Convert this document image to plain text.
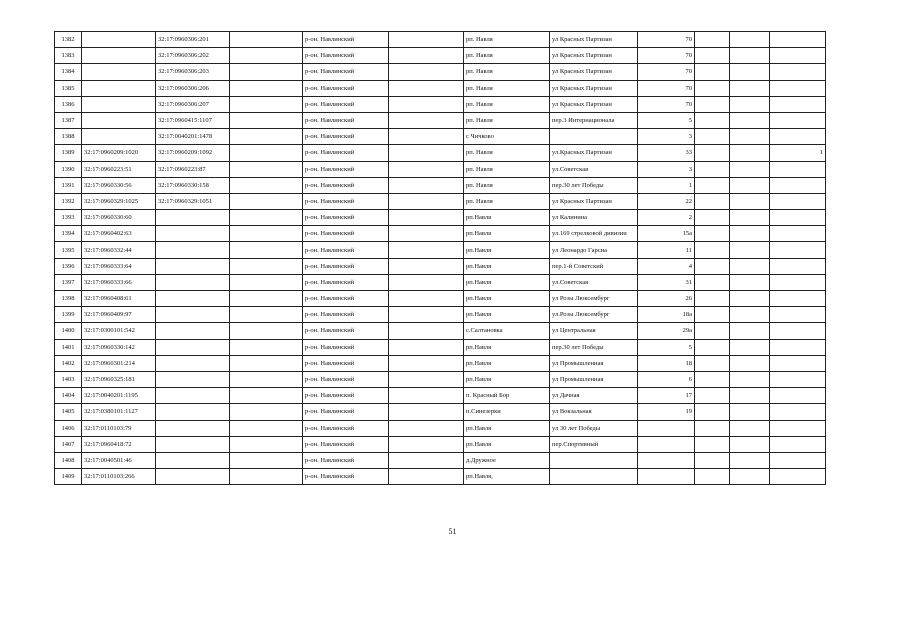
1382		32:17:0960306:201		р-он. Навлинский		рп. Навля	ул Красных Партизан	70			
1383		32:17:0960306:202		р-он. Навлинский		рп. Навля	ул Красных Партизан	70			
1384		32:17:0960306:203		р-он. Навлинский		рп. Навля	ул Красных Партизан	70			
1385		32:17:0960306:206		р-он. Навлинский		рп. Навля	ул Красных Партизан	70			
1386		32:17:0960306:207		р-он. Навлинский		рп. Навля	ул Красных Партизан	70			
1387		32:17:0960415:1107		р-он. Навлинский		рп. Навля	пер.3 Интернационала	5			
1388		32:17:0040201:1478		р-он. Навлинский		с Чичково		3			
1389	32:17:0960209:1020	32:17:0960209:1092		р-он. Навлинский		рп. Навля	ул.Красных Партизан	33			1
1390	32:17:0960223:51	32:17:0960223:87		р-он. Навлинский		рп. Навля	ул.Советская	3			
1391	32:17:0960330:56	32:17:0960330:158		р-он. Навлинский		рп. Навля	пер.30 лет Победы	1			
1392	32:17:0960329:1025	32:17:0960329:1051		р-он. Навлинский		рп. Навля	ул Красных Партизан	22			
1393	32:17:0960330:60			р-он. Навлинский		рп.Навля	ул Калинина	2			
1394	32:17:0960402:63			р-он. Навлинский		рп.Навля	ул.169 стрелковой дивизии	15а			
1395	32:17:0960332:44			р-он. Навлинский		рп.Навля	ул Леонардо Гарсиа	11			
1396	32:17:0960333:64			р-он. Навлинский		рп.Навля	пер.1-й Советский	4			
1397	32:17:0960333:66			р-он. Навлинский		рп.Навля	ул.Советская	31			
1398	32:17:0960408:61			р-он. Навлинский		рп.Навля	ул Розы Люксембург	26			
1399	32:17:0960409:97			р-он. Навлинский		рп.Навля	ул.Розы Люксембург	18а			
1400	32:17:0300101:542			р-он. Навлинский		с.Салтановка	ул Центральная	29а			
1401	32:17:0960330:142			р-он. Навлинский		рп.Навля	пер.30 лет Победы	5			
1402	32:17:0960301:214			р-он. Навлинский		рп.Навля	ул Промышленная	18			
1403	32:17:0960325:181			р-он. Навлинский		рп.Навля	ул Промышленная	6			
1404	32:17:0040201:1195			р-он. Навлинский		п. Красный Бор	ул Дачная	17			
1405	32:17:0380101:1127			р-он. Навлинский		п.Синезерки	ул Вокзальная	19			
1406	32:17:0110103:79			р-он. Навлинский		рп.Навля	ул 30 лет Победы				
1407	32:17:0960418:72			р-он. Навлинский		рп.Навля	пер.Спортивный				
1408	32:17:0040501:46			р-он. Навлинский		д.Дружное					
1409	32:17:0110103:266			р-он. Навлинский		рп.Навля,					
51
